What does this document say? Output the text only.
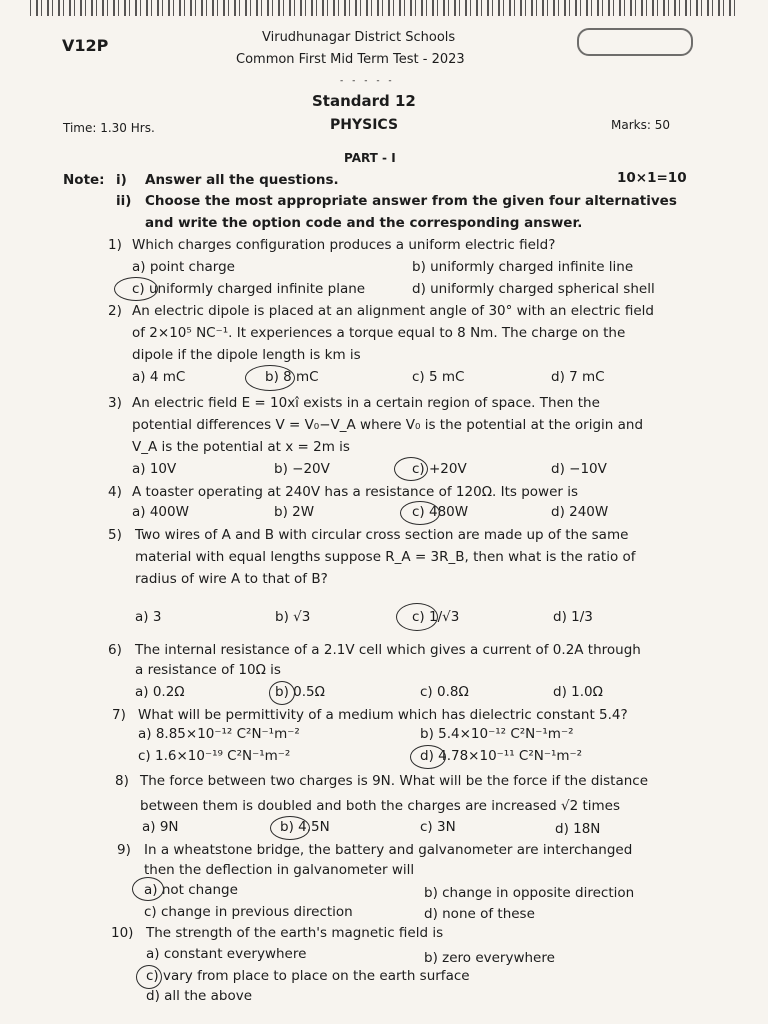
V12P	Virudhunagar District Schools
Common First Mid Term Test - 2023
- - - - -
Standard 12
Time: 1.30 Hrs.	PHYSICS	Marks: 50
PART - I
Note: i) Answer all the questions.	10×1=10
ii) Choose the most appropriate answer from the given four alternatives
and write the option code and the corresponding answer.
1) Which charges configuration produces a uniform electric field?
a) point charge	b) uniformly charged infinite line
c) uniformly charged infinite plane	d) uniformly charged spherical shell
2) An electric dipole is placed at an alignment angle of 30° with an electric field
of 2×10⁵ NC⁻¹. It experiences a torque equal to 8 Nm. The charge on the
dipole if the dipole length is km is
a) 4 mC	b) 8 mC	c) 5 mC	d) 7 mC
3) An electric field E = 10xî exists in a certain region of space. Then the
potential differences V = V₀−V_A where V₀ is the potential at the origin and
V_A is the potential at x = 2m is
a) 10V	b) −20V	c) +20V	d) −10V
4) A toaster operating at 240V has a resistance of 120Ω. Its power is
a) 400W	b) 2W	c) 480W	d) 240W
5) Two wires of A and B with circular cross section are made up of the same
material with equal lengths suppose R_A = 3R_B, then what is the ratio of
radius of wire A to that of B?
a) 3	b) √3	c) 1/√3	d) 1/3
6) The internal resistance of a 2.1V cell which gives a current of 0.2A through
a resistance of 10Ω is
a) 0.2Ω	b) 0.5Ω	c) 0.8Ω	d) 1.0Ω
7) What will be permittivity of a medium which has dielectric constant 5.4?
a) 8.85×10⁻¹² C²N⁻¹m⁻²	b) 5.4×10⁻¹² C²N⁻¹m⁻²
c) 1.6×10⁻¹⁹ C²N⁻¹m⁻²	d) 4.78×10⁻¹¹ C²N⁻¹m⁻²
8) The force between two charges is 9N. What will be the force if the distance
between them is doubled and both the charges are increased √2 times
a) 9N	b) 4.5N	c) 3N	d) 18N
9) In a wheatstone bridge, the battery and galvanometer are interchanged
then the deflection in galvanometer will
a) not change	b) change in opposite direction
c) change in previous direction	d) none of these
10) The strength of the earth's magnetic field is
a) constant everywhere	b) zero everywhere
c) vary from place to place on the earth surface
d) all the above
